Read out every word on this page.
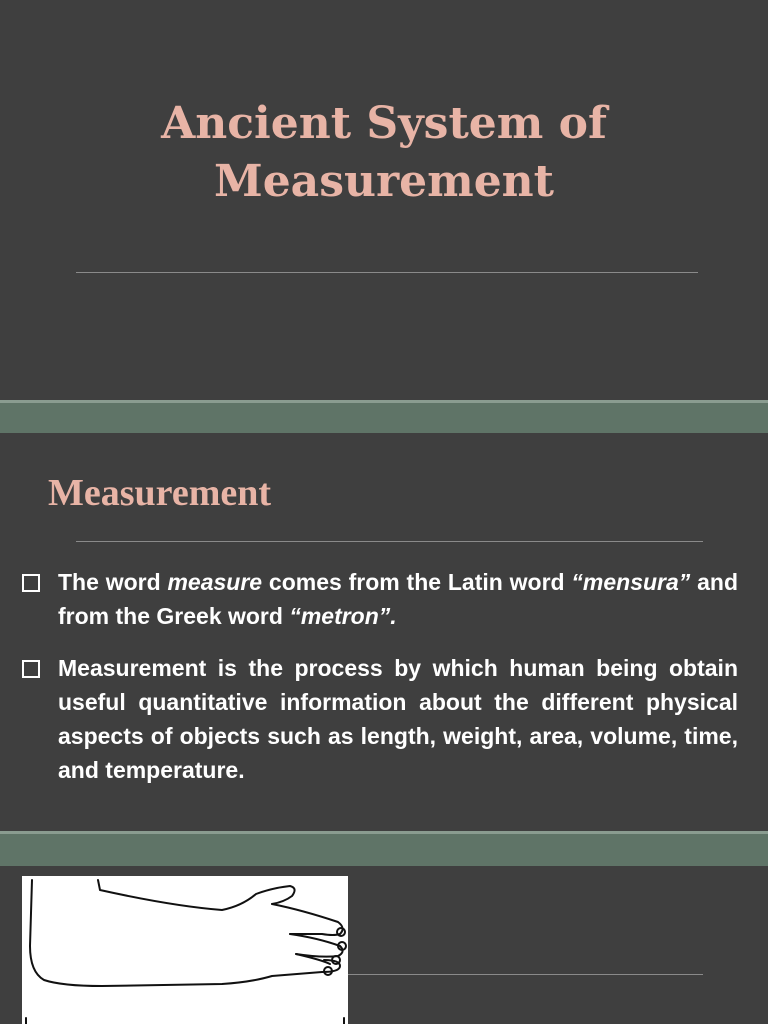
Ancient System of
Measurement
Measurement
The word measure comes from the Latin word “mensura” and from the Greek word “metron”.
Measurement is the process by which human being obtain useful quantitative information about the different physical aspects of objects such as length, weight, area, volume, time, and temperature.
